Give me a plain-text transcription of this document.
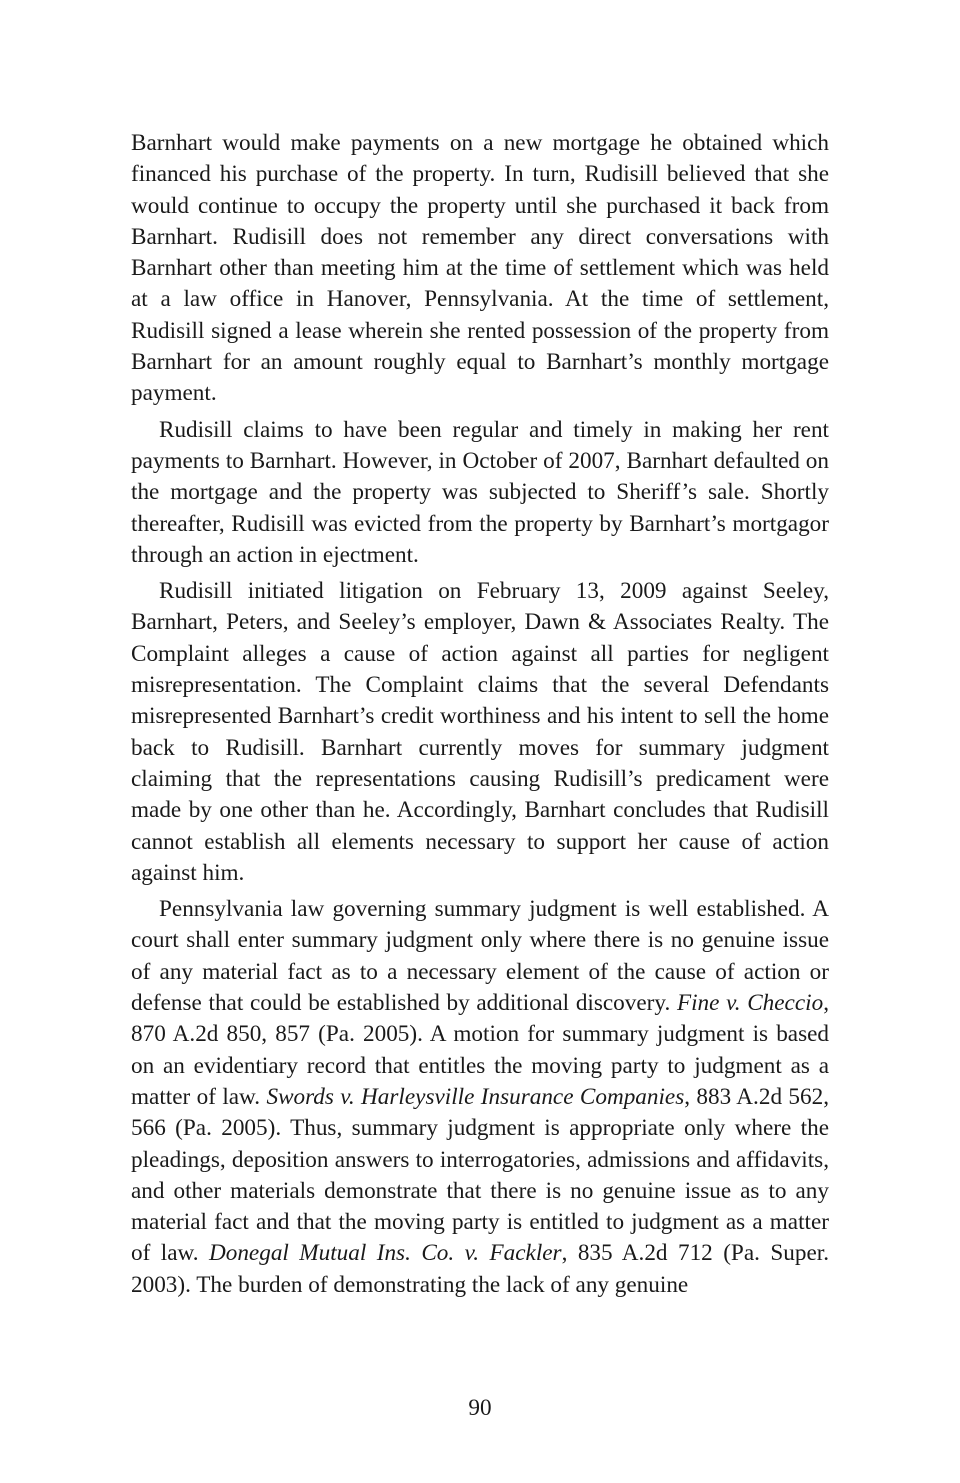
Barnhart would make payments on a new mortgage he obtained which financed his purchase of the property. In turn, Rudisill believed that she would continue to occupy the property until she purchased it back from Barnhart. Rudisill does not remember any direct conversations with Barnhart other than meeting him at the time of settlement which was held at a law office in Hanover, Pennsylvania. At the time of settlement, Rudisill signed a lease wherein she rented possession of the property from Barnhart for an amount roughly equal to Barnhart’s monthly mortgage payment.

Rudisill claims to have been regular and timely in making her rent payments to Barnhart. However, in October of 2007, Barnhart defaulted on the mortgage and the property was subjected to Sheriff’s sale. Shortly thereafter, Rudisill was evicted from the property by Barnhart’s mortgagor through an action in ejectment.

Rudisill initiated litigation on February 13, 2009 against Seeley, Barnhart, Peters, and Seeley’s employer, Dawn & Associates Realty. The Complaint alleges a cause of action against all parties for negligent misrepresentation. The Complaint claims that the several Defendants misrepresented Barnhart’s credit worthiness and his intent to sell the home back to Rudisill. Barnhart currently moves for summary judgment claiming that the representations causing Rudisill’s predicament were made by one other than he. Accordingly, Barnhart concludes that Rudisill cannot establish all elements necessary to support her cause of action against him.

Pennsylvania law governing summary judgment is well established. A court shall enter summary judgment only where there is no genuine issue of any material fact as to a necessary element of the cause of action or defense that could be established by additional discovery. Fine v. Checcio, 870 A.2d 850, 857 (Pa. 2005). A motion for summary judgment is based on an evidentiary record that entitles the moving party to judgment as a matter of law. Swords v. Harleysville Insurance Companies, 883 A.2d 562, 566 (Pa. 2005). Thus, summary judgment is appropriate only where the pleadings, deposition answers to interrogatories, admissions and affidavits, and other materials demonstrate that there is no genuine issue as to any material fact and that the moving party is entitled to judgment as a matter of law. Donegal Mutual Ins. Co. v. Fackler, 835 A.2d 712 (Pa. Super. 2003). The burden of demonstrating the lack of any genuine

90
